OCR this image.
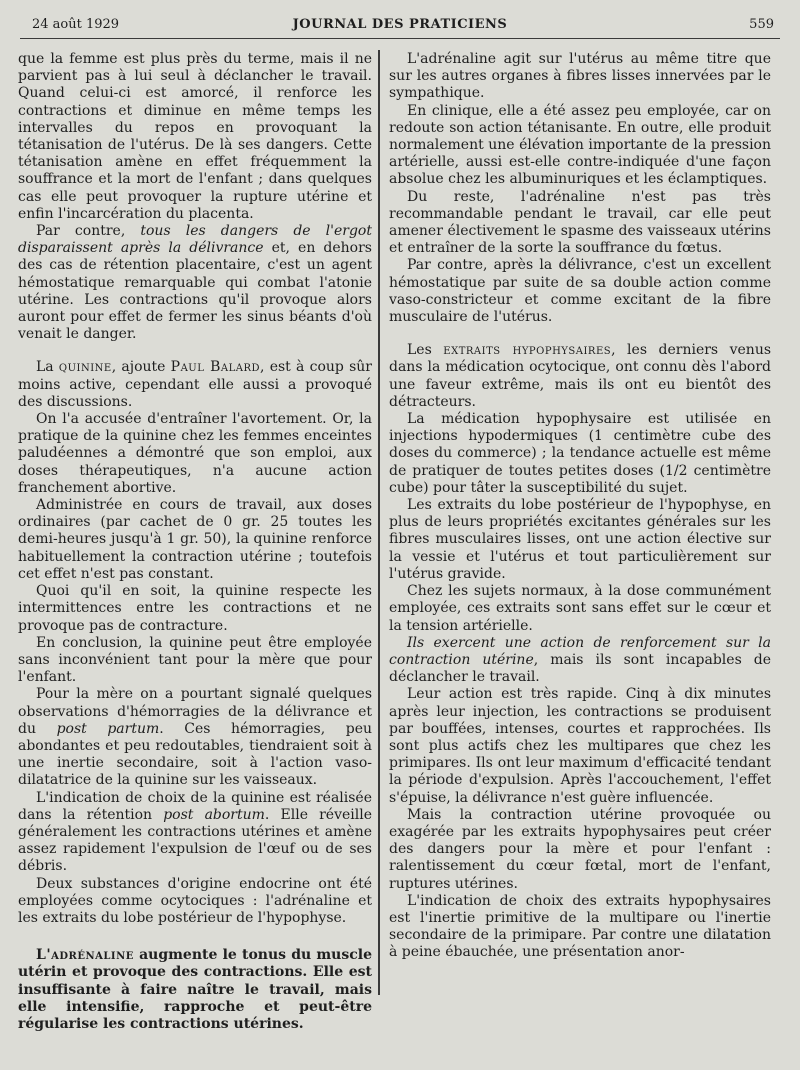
24 août 1929	JOURNAL DES PRATICIENS	559

que la femme est plus près du terme, mais il ne parvient pas à lui seul à déclancher le travail. Quand celui-ci est amorcé, il renforce les contractions et diminue en même temps les intervalles du repos en provoquant la tétanisation de l'utérus. De là ses dangers. Cette tétanisation amène en effet fréquemment la souffrance et la mort de l'enfant ; dans quelques cas elle peut provoquer la rupture utérine et enfin l'incarcération du placenta.

Par contre, tous les dangers de l'ergot disparaissent après la délivrance et, en dehors des cas de rétention placentaire, c'est un agent hémostatique remarquable qui combat l'atonie utérine. Les contractions qu'il provoque alors auront pour effet de fermer les sinus béants d'où venait le danger.

La quinine, ajoute Paul Balard, est à coup sûr moins active, cependant elle aussi a provoqué des discussions.

On l'a accusée d'entraîner l'avortement. Or, la pratique de la quinine chez les femmes enceintes paludéennes a démontré que son emploi, aux doses thérapeutiques, n'a aucune action franchement abortive.

Administrée en cours de travail, aux doses ordinaires (par cachet de 0 gr. 25 toutes les demi-heures jusqu'à 1 gr. 50), la quinine renforce habituellement la contraction utérine ; toutefois cet effet n'est pas constant.

Quoi qu'il en soit, la quinine respecte les intermittences entre les contractions et ne provoque pas de contracture.

En conclusion, la quinine peut être employée sans inconvénient tant pour la mère que pour l'enfant.

Pour la mère on a pourtant signalé quelques observations d'hémorragies de la délivrance et du post partum. Ces hémorragies, peu abondantes et peu redoutables, tiendraient soit à une inertie secondaire, soit à l'action vaso-dilatatrice de la quinine sur les vaisseaux.

L'indication de choix de la quinine est réalisée dans la rétention post abortum. Elle réveille généralement les contractions utérines et amène assez rapidement l'expulsion de l'œuf ou de ses débris.

Deux substances d'origine endocrine ont été employées comme ocytociques : l'adrénaline et les extraits du lobe postérieur de l'hypophyse.

L'adrénaline augmente le tonus du muscle utérin et provoque des contractions. Elle est insuffisante à faire naître le travail, mais elle intensifie, rapproche et peut-être régularise les contractions utérines.

L'adrénaline agit sur l'utérus au même titre que sur les autres organes à fibres lisses innervées par le sympathique.

En clinique, elle a été assez peu employée, car on redoute son action tétanisante. En outre, elle produit normalement une élévation importante de la pression artérielle, aussi est-elle contre-indiquée d'une façon absolue chez les albuminuriques et les éclamptiques.

Du reste, l'adrénaline n'est pas très recommandable pendant le travail, car elle peut amener électivement le spasme des vaisseaux utérins et entraîner de la sorte la souffrance du fœtus.

Par contre, après la délivrance, c'est un excellent hémostatique par suite de sa double action comme vaso-constricteur et comme excitant de la fibre musculaire de l'utérus.

Les extraits hypophysaires, les derniers venus dans la médication ocytocique, ont connu dès l'abord une faveur extrême, mais ils ont eu bientôt des détracteurs.

La médication hypophysaire est utilisée en injections hypodermiques (1 centimètre cube des doses du commerce) ; la tendance actuelle est même de pratiquer de toutes petites doses (1/2 centimètre cube) pour tâter la susceptibilité du sujet.

Les extraits du lobe postérieur de l'hypophyse, en plus de leurs propriétés excitantes générales sur les fibres musculaires lisses, ont une action élective sur la vessie et l'utérus et tout particulièrement sur l'utérus gravide.

Chez les sujets normaux, à la dose communément employée, ces extraits sont sans effet sur le cœur et la tension artérielle.

Ils exercent une action de renforcement sur la contraction utérine, mais ils sont incapables de déclancher le travail.

Leur action est très rapide. Cinq à dix minutes après leur injection, les contractions se produisent par bouffées, intenses, courtes et rapprochées. Ils sont plus actifs chez les multipares que chez les primipares. Ils ont leur maximum d'efficacité tendant la période d'expulsion. Après l'accouchement, l'effet s'épuise, la délivrance n'est guère influencée.

Mais la contraction utérine provoquée ou exagérée par les extraits hypophysaires peut créer des dangers pour la mère et pour l'enfant : ralentissement du cœur fœtal, mort de l'enfant, ruptures utérines.

L'indication de choix des extraits hypophysaires est l'inertie primitive de la multipare ou l'inertie secondaire de la primipare. Par contre une dilatation à peine ébauchée, une présentation anor-
